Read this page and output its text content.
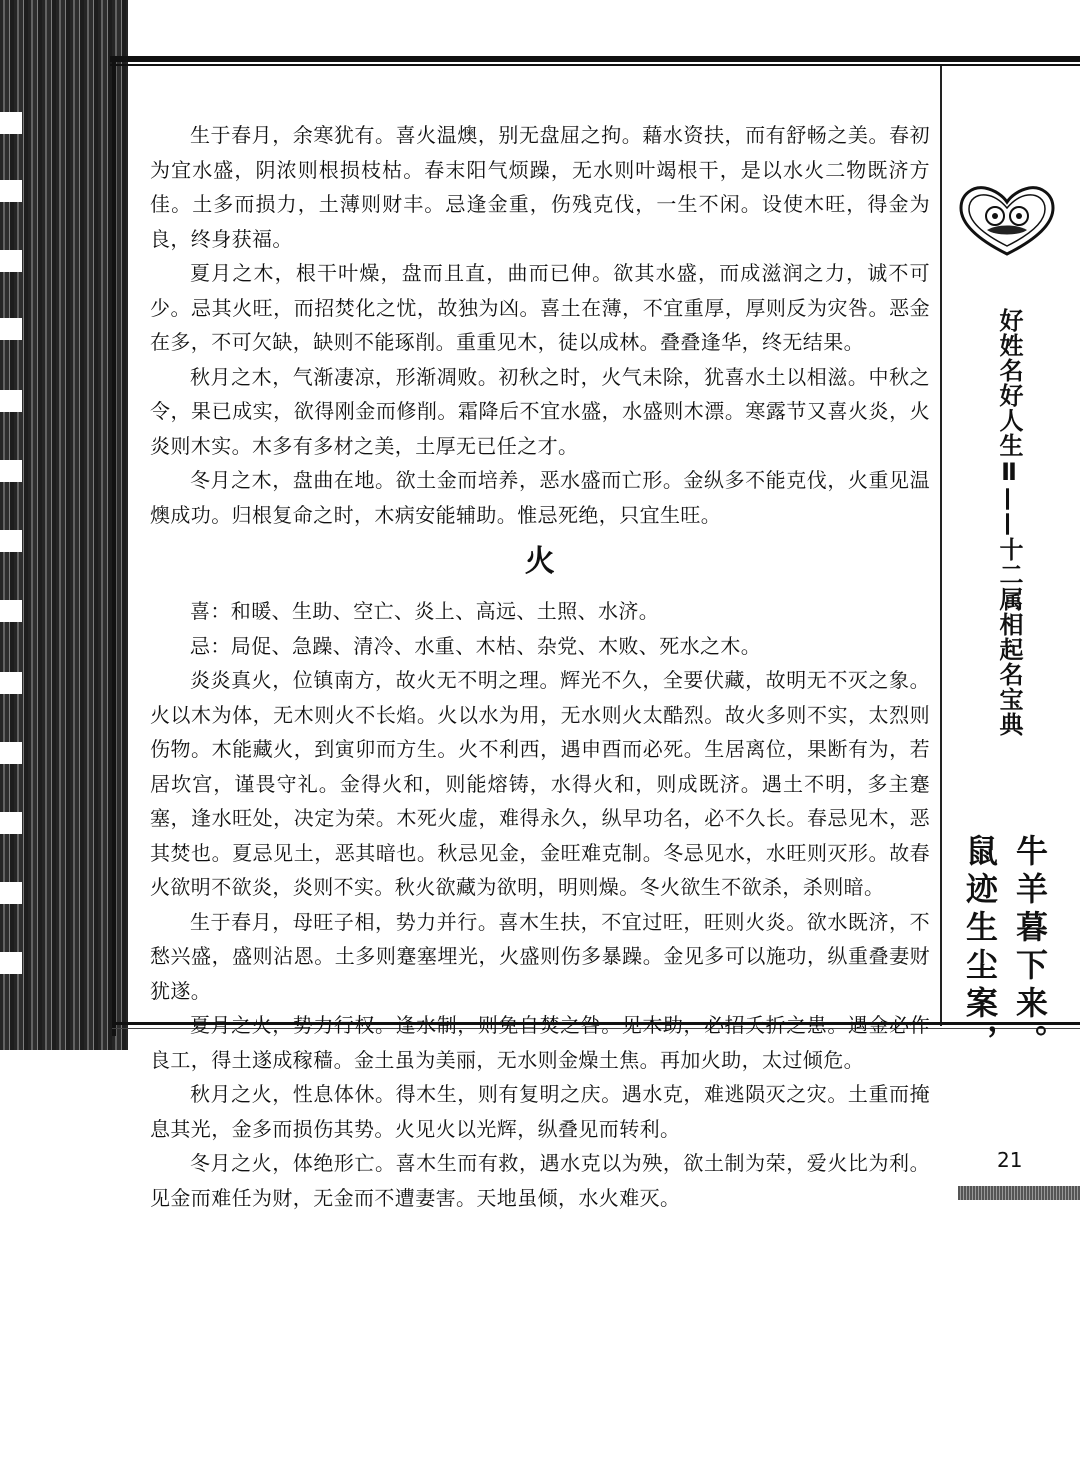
生于春月，余寒犹有。喜火温燠，别无盘屈之拘。藉水资扶，而有舒畅之美。春初为宜水盛，阴浓则根损枝枯。春末阳气烦躁，无水则叶竭根干，是以水火二物既济方佳。土多而损力，土薄则财丰。忌逢金重，伤残克伐，一生不闲。设使木旺，得金为良，终身获福。

夏月之木，根干叶燥，盘而且直，曲而已伸。欲其水盛，而成滋润之力，诚不可少。忌其火旺，而招焚化之忧，故独为凶。喜土在薄，不宜重厚，厚则反为灾咎。恶金在多，不可欠缺，缺则不能琢削。重重见木，徒以成林。叠叠逢华，终无结果。

秋月之木，气渐凄凉，形渐凋败。初秋之时，火气未除，犹喜水土以相滋。中秋之令，果已成实，欲得刚金而修削。霜降后不宜水盛，水盛则木漂。寒露节又喜火炎，火炎则木实。木多有多材之美，土厚无已任之才。

冬月之木，盘曲在地。欲土金而培养，恶水盛而亡形。金纵多不能克伐，火重见温燠成功。归根复命之时，木病安能辅助。惟忌死绝，只宜生旺。

火

喜：和暖、生助、空亡、炎上、高远、土照、水济。

忌：局促、急躁、清冷、水重、木枯、杂党、木败、死水之木。

炎炎真火，位镇南方，故火无不明之理。辉光不久，全要伏藏，故明无不灭之象。火以木为体，无木则火不长焰。火以水为用，无水则火太酷烈。故火多则不实，太烈则伤物。木能藏火，到寅卯而方生。火不利西，遇申酉而必死。生居离位，果断有为，若居坎宫，谨畏守礼。金得火和，则能熔铸，水得火和，则成既济。遇土不明，多主蹇塞，逢水旺处，决定为荣。木死火虚，难得永久，纵早功名，必不久长。春忌见木，恶其焚也。夏忌见土，恶其暗也。秋忌见金，金旺难克制。冬忌见水，水旺则灭形。故春火欲明不欲炎，炎则不实。秋火欲藏为欲明，明则燥。冬火欲生不欲杀，杀则暗。

生于春月，母旺子相，势力并行。喜木生扶，不宜过旺，旺则火炎。欲水既济，不愁兴盛，盛则沾恩。土多则蹇塞埋光，火盛则伤多暴躁。金见多可以施功，纵重叠妻财犹遂。

夏月之火，势力行权。逢水制，则免自焚之咎。见木助，必招夭折之患。遇金必作良工，得土遂成稼穑。金土虽为美丽，无水则金燥土焦。再加火助，太过倾危。

秋月之火，性息体休。得木生，则有复明之庆。遇水克，难逃陨灭之灾。土重而掩息其光，金多而损伤其势。火见火以光辉，纵叠见而转利。

冬月之火，体绝形亡。喜木生而有救，遇水克以为殃，欲土制为荣，爱火比为利。见金而难任为财，无金而不遭妻害。天地虽倾，水火难灭。

好姓名好人生Ⅱ——十二属相起名宝典
牛羊暮下来。
鼠迹生尘案，
21
